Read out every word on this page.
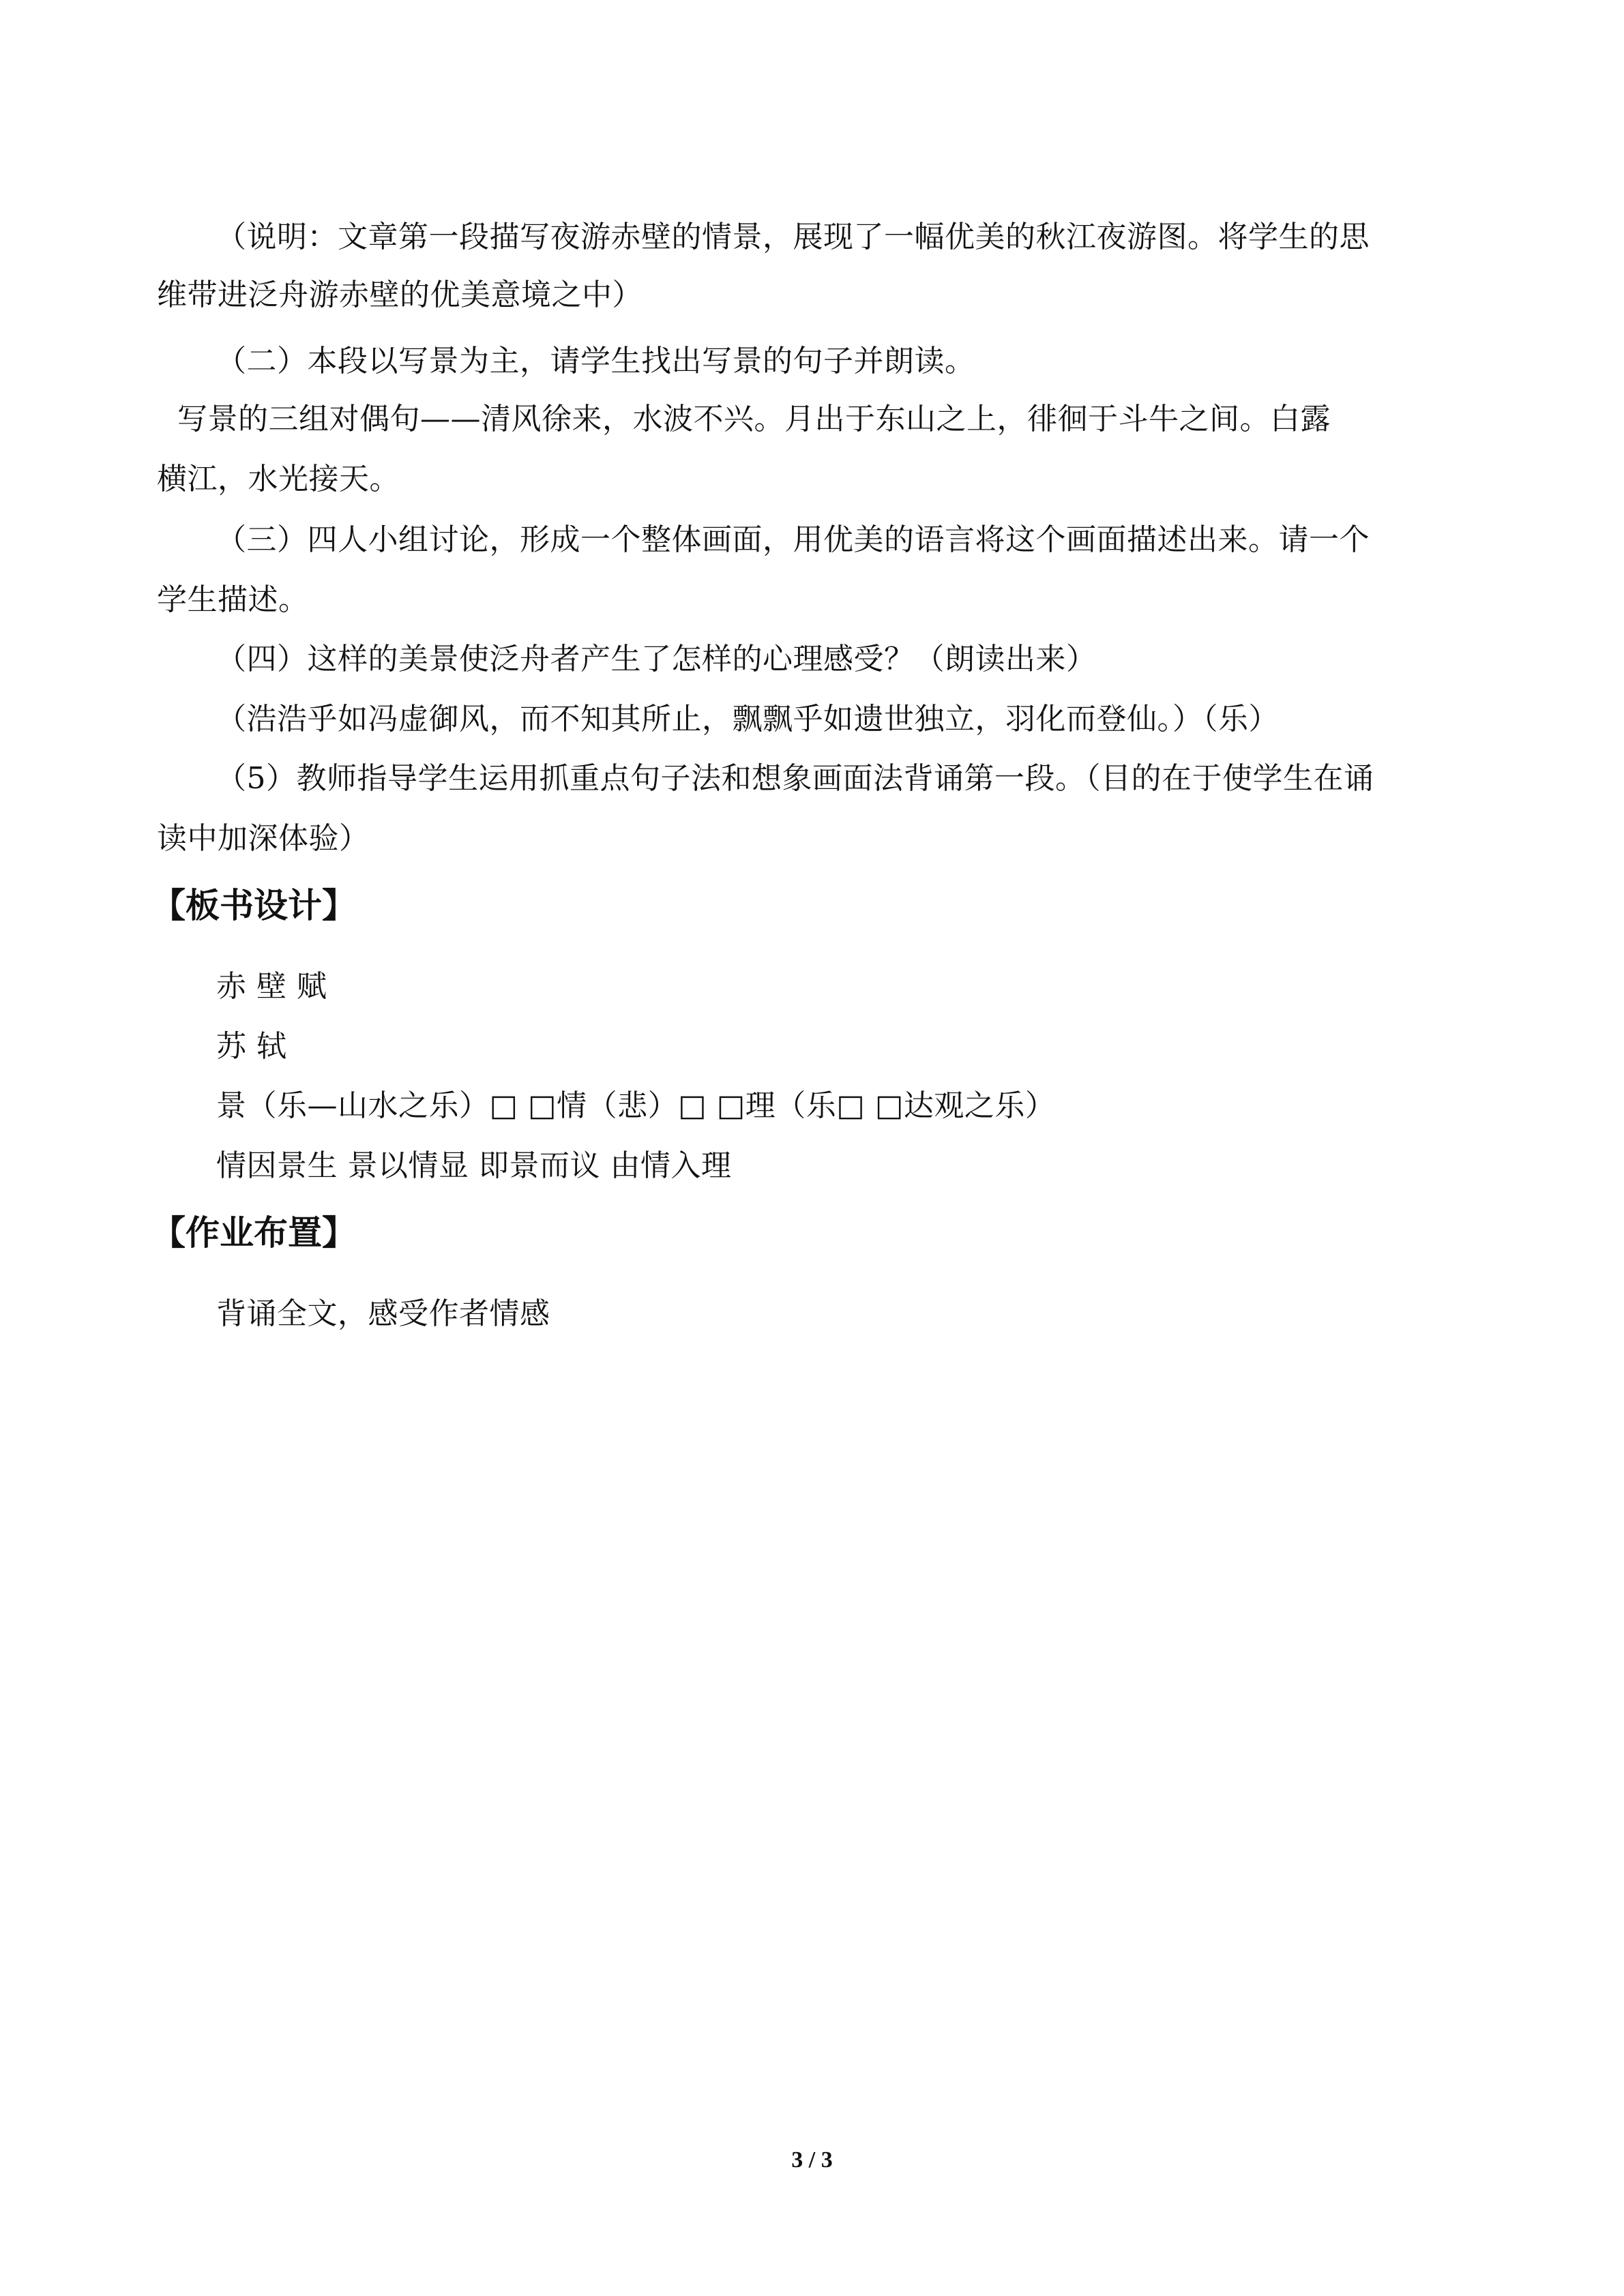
（说明：文章第一段描写夜游赤壁的情景，展现了一幅优美的秋江夜游图。将学生的思
维带进泛舟游赤壁的优美意境之中）
（二）本段以写景为主，请学生找出写景的句子并朗读。
写景的三组对偶句——清风徐来，水波不兴。月出于东山之上，徘徊于斗牛之间。白露
横江，水光接天。
（三）四人小组讨论，形成一个整体画面，用优美的语言将这个画面描述出来。请一个
学生描述。
（四）这样的美景使泛舟者产生了怎样的心理感受？（朗读出来）
（浩浩乎如冯虚御风，而不知其所止，飘飘乎如遗世独立，羽化而登仙。）（乐）
（5）教师指导学生运用抓重点句子法和想象画面法背诵第一段。（目的在于使学生在诵
读中加深体验）
【板书设计】
赤 壁 赋
苏 轼
景（乐—山水之乐）□ □情（悲）□ □理（乐□ □达观之乐）
情因景生 景以情显 即景而议 由情入理
【作业布置】
背诵全文，感受作者情感
3 / 3
